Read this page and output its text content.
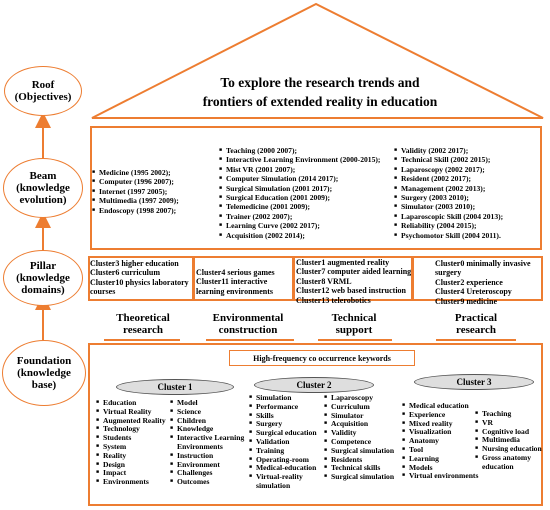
Roof
(Objectives)
Beam
(knowledge
evolution)
Pillar
(knowledge
domains)
Foundation
(knowledge
base)
To explore the research trends and
frontiers of extended reality in education
■ Medicine (1995 2002);
■ Computer (1996 2007);
■ Internet (1997 2005);
■ Multimedia (1997 2009);
■ Endoscopy (1998 2007);
■ Teaching (2000 2007);
■ Interactive Learning Environment (2000-2015);
■ Mist VR (2001 2007);
■ Computer Simulation (2014 2017);
■ Surgical Simulation (2001 2017);
■ Surgical Education (2001 2009);
■ Telemedicine (2001 2009);
■ Trainer (2002 2007);
■ Learning Curve (2002 2017);
■ Acquisition (2002 2014);
■ Validity (2002 2017);
■ Technical Skill (2002 2015);
■ Laparoscopy (2002 2017);
■ Resident (2002 2017);
■ Management (2002 2013);
■ Surgery (2003 2010);
■ Simulator (2003 2010);
■ Laparoscopic Skill (2004 2013);
■ Reliability (2004 2015);
■ Psychomotor Skill (2004 2011).
Cluster3 higher education
Cluster6 curriculum
Cluster10 physics laboratory
courses
Cluster4 serious games
Cluster11 interactive
learning environments
Cluster1 augmented reality
Cluster7 computer aided learning
Cluster8 VRML
Cluster12 web based instruction
Cluster13 telerobotics
Cluster0 minimally invasive
surgery
Cluster2 experience
Cluster4 Ureteroscopy
Cluster9 medicine
Theoretical
research
Environmental
construction
Technical
support
Practical
research
High-frequency co occurrence keywords
Cluster 1	Cluster 2	Cluster 3
■ Education
■ Virtual Reality
■ Augmented Reality
■ Technology
■ Students
■ System
■ Reality
■ Design
■ Impact
■ Environments
■ Model
■ Science
■ Children
■ Knowledge
■ Interactive Learning
Environments
■ Instruction
■ Environment
■ Challenges
■ Outcomes
■ Simulation
■ Performance
■ Skills
■ Surgery
■ Surgical education
■ Validation
■ Training
■ Operating-room
■ Medical-education
■ Virtual-reality
simulation
■ Laparoscopy
■ Curriculum
■ Simulator
■ Acquisition
■ Validity
■ Competence
■ Surgical simulation
■ Residents
■ Technical skills
■ Surgical simulation
■ Medical education
■ Experience
■ Mixed reality
■ Visualization
■ Anatomy
■ Tool
■ Learning
■ Models
■ Virtual environments
■ Teaching
■ VR
■ Cognitive load
■ Multimedia
■ Nursing education
■ Gross anatomy
education
